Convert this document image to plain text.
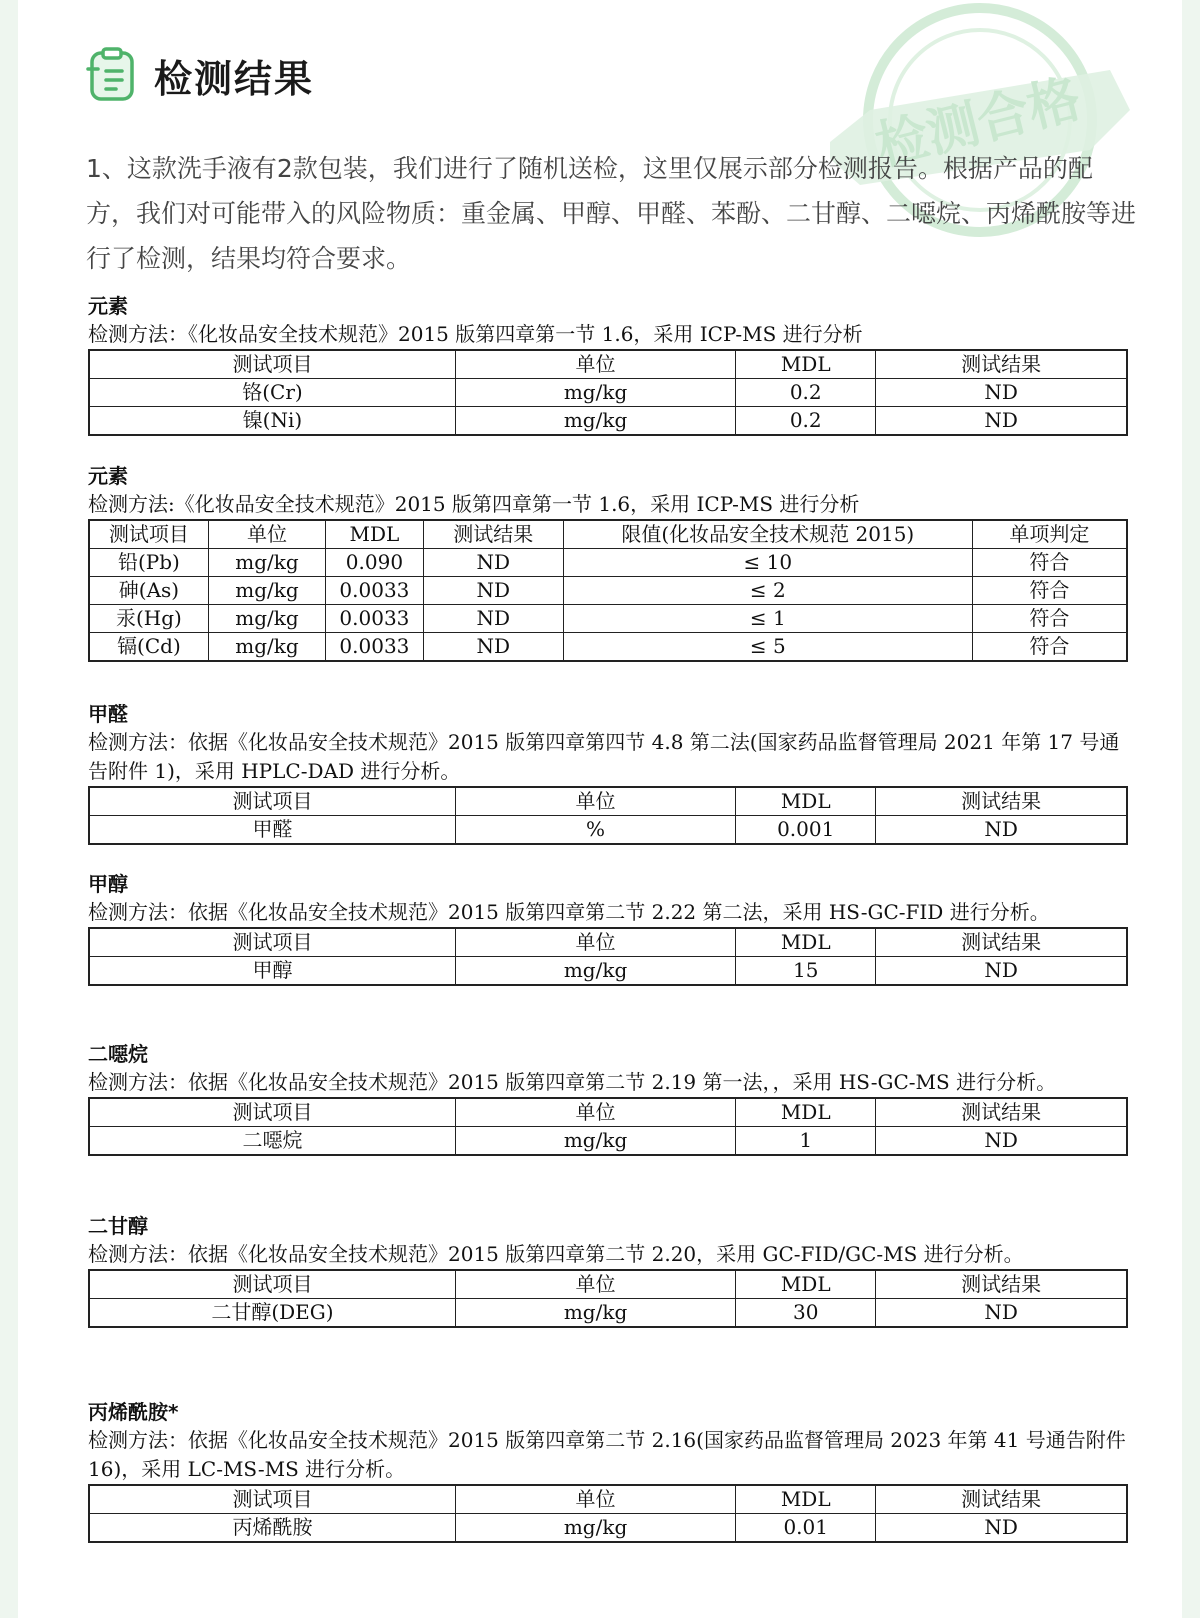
检测合格
检测结果
1、这款洗手液有2款包装，我们进行了随机送检，这里仅展示部分检测报告。根据产品的配方，我们对可能带入的风险物质：重金属、甲醇、甲醛、苯酚、二甘醇、二噁烷、丙烯酰胺等进行了检测，结果均符合要求。
元素
检测方法：《化妆品安全技术规范》2015 版第四章第一节 1.6，采用 ICP-MS 进行分析
测试项目	单位	MDL	测试结果
铬(Cr)	mg/kg	0.2	ND
镍(Ni)	mg/kg	0.2	ND
元素
检测方法:《化妆品安全技术规范》2015 版第四章第一节 1.6，采用 ICP-MS 进行分析
测试项目	单位	MDL	测试结果	限值(化妆品安全技术规范 2015)	单项判定
铅(Pb)	mg/kg	0.090	ND	≤ 10	符合
砷(As)	mg/kg	0.0033	ND	≤ 2	符合
汞(Hg)	mg/kg	0.0033	ND	≤ 1	符合
镉(Cd)	mg/kg	0.0033	ND	≤ 5	符合
甲醛
检测方法：依据《化妆品安全技术规范》2015 版第四章第四节 4.8 第二法(国家药品监督管理局 2021 年第 17 号通告附件 1)，采用 HPLC-DAD 进行分析。
测试项目	单位	MDL	测试结果
甲醛	%	0.001	ND
甲醇
检测方法：依据《化妆品安全技术规范》2015 版第四章第二节 2.22 第二法，采用 HS-GC-FID 进行分析。
测试项目	单位	MDL	测试结果
甲醇	mg/kg	15	ND
二噁烷
检测方法：依据《化妆品安全技术规范》2015 版第四章第二节 2.19 第一法，，采用 HS-GC-MS 进行分析。
测试项目	单位	MDL	测试结果
二噁烷	mg/kg	1	ND
二甘醇
检测方法：依据《化妆品安全技术规范》2015 版第四章第二节 2.20，采用 GC-FID/GC-MS 进行分析。
测试项目	单位	MDL	测试结果
二甘醇(DEG)	mg/kg	30	ND
丙烯酰胺*
检测方法：依据《化妆品安全技术规范》2015 版第四章第二节 2.16(国家药品监督管理局 2023 年第 41 号通告附件 16)，采用 LC-MS-MS 进行分析。
测试项目	单位	MDL	测试结果
丙烯酰胺	mg/kg	0.01	ND
